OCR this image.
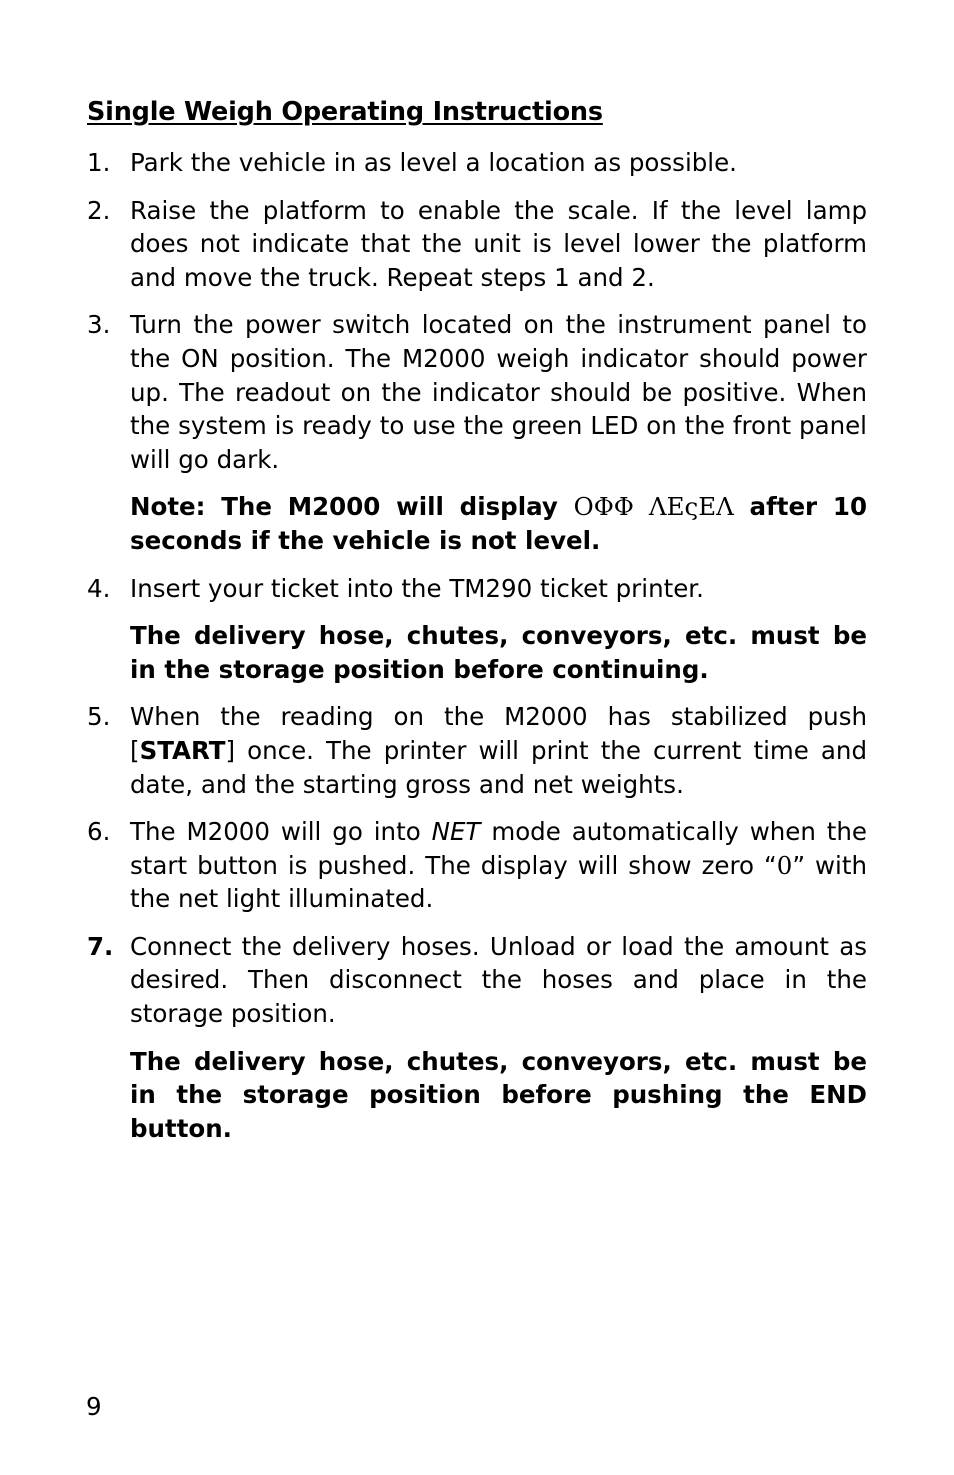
Single Weigh Operating Instructions
1. Park the vehicle in as level a location as possible.
2. Raise the platform to enable the scale. If the level lamp does not indicate that the unit is level lower the platform and move the truck. Repeat steps 1 and 2.
3. Turn the power switch located on the instrument panel to the ON position. The M2000 weigh indicator should power up. The readout on the indicator should be positive. When the system is ready to use the green LED on the front panel will go dark.
Note: The M2000 will display ΟΦΦ ΛΕςΕΛ after 10 seconds if the vehicle is not level.
4. Insert your ticket into the TM290 ticket printer.
The delivery hose, chutes, conveyors, etc. must be in the storage position before continuing.
5. When the reading on the M2000 has stabilized push [START] once. The printer will print the current time and date, and the starting gross and net weights.
6. The M2000 will go into NET mode automatically when the start button is pushed. The display will show zero “0” with the net light illuminated.
7. Connect the delivery hoses. Unload or load the amount as desired. Then disconnect the hoses and place in the storage position.
The delivery hose, chutes, conveyors, etc. must be in the storage position before pushing the END button.
9
